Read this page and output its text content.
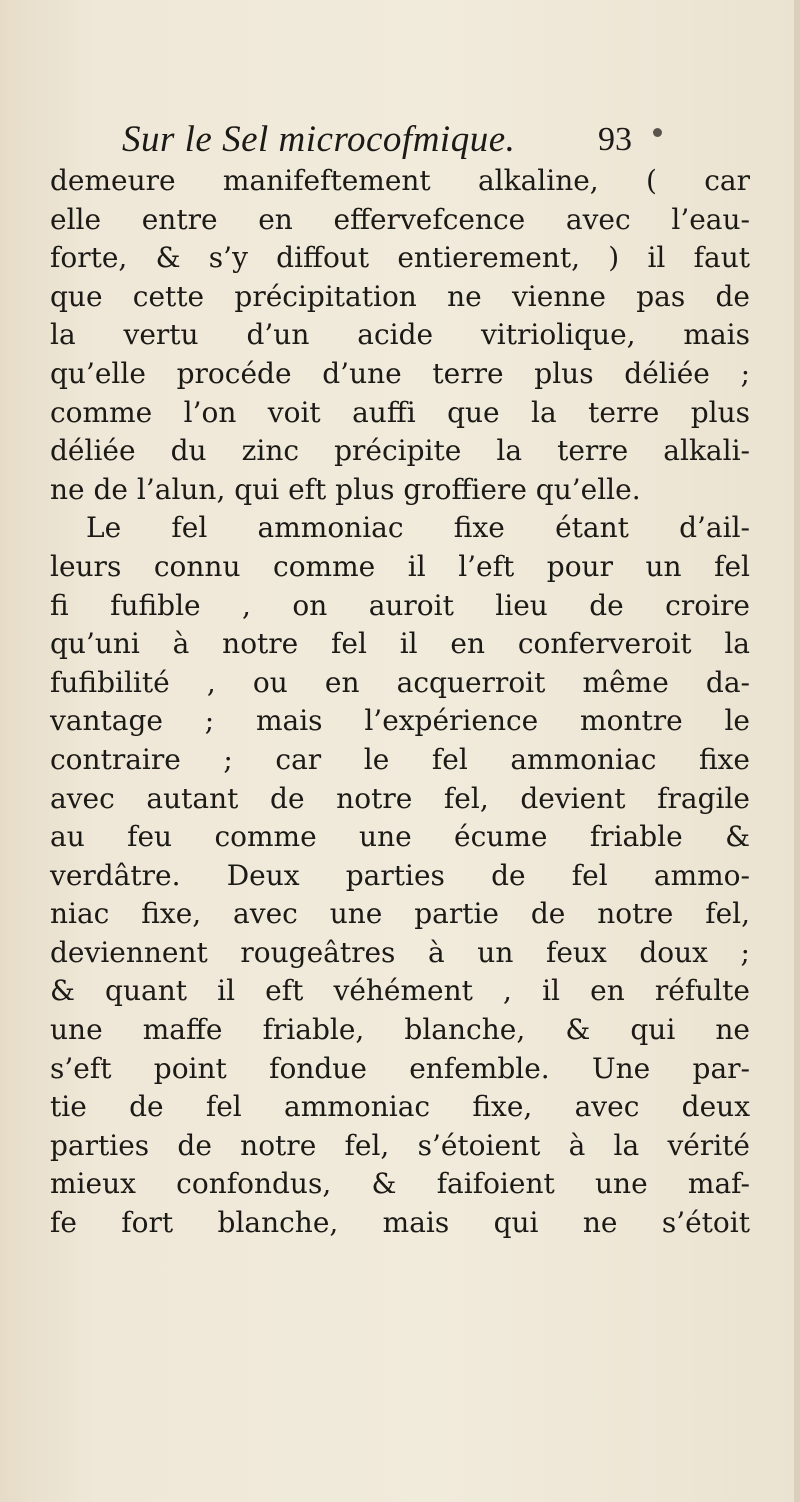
Sur le Sel microcofmique. 93
demeure manifeftement alkaline, ( car
elle entre en effervefcence avec l’eau-
forte, & s’y diffout entierement, ) il faut
que cette précipitation ne vienne pas de
la vertu d’un acide vitriolique, mais
qu’elle procéde d’une terre plus déliée ;
comme l’on voit auffi que la terre plus
déliée du zinc précipite la terre alkali-
ne de l’alun, qui eft plus groffiere qu’elle.
Le fel ammoniac fixe étant d’ail-
leurs connu comme il l’eft pour un fel
fi fufible , on auroit lieu de croire
qu’uni à notre fel il en conferveroit la
fufibilité , ou en acquerroit même da-
vantage ; mais l’expérience montre le
contraire ; car le fel ammoniac fixe
avec autant de notre fel, devient fragile
au feu comme une écume friable &
verdâtre. Deux parties de fel ammo-
niac fixe, avec une partie de notre fel,
deviennent rougeâtres à un feux doux ;
& quant il eft véhément , il en réfulte
une maffe friable, blanche, & qui ne
s’eft point fondue enfemble. Une par-
tie de fel ammoniac fixe, avec deux
parties de notre fel, s’étoient à la vérité
mieux confondus, & faifoient une maf-
fe fort blanche, mais qui ne s’étoit
